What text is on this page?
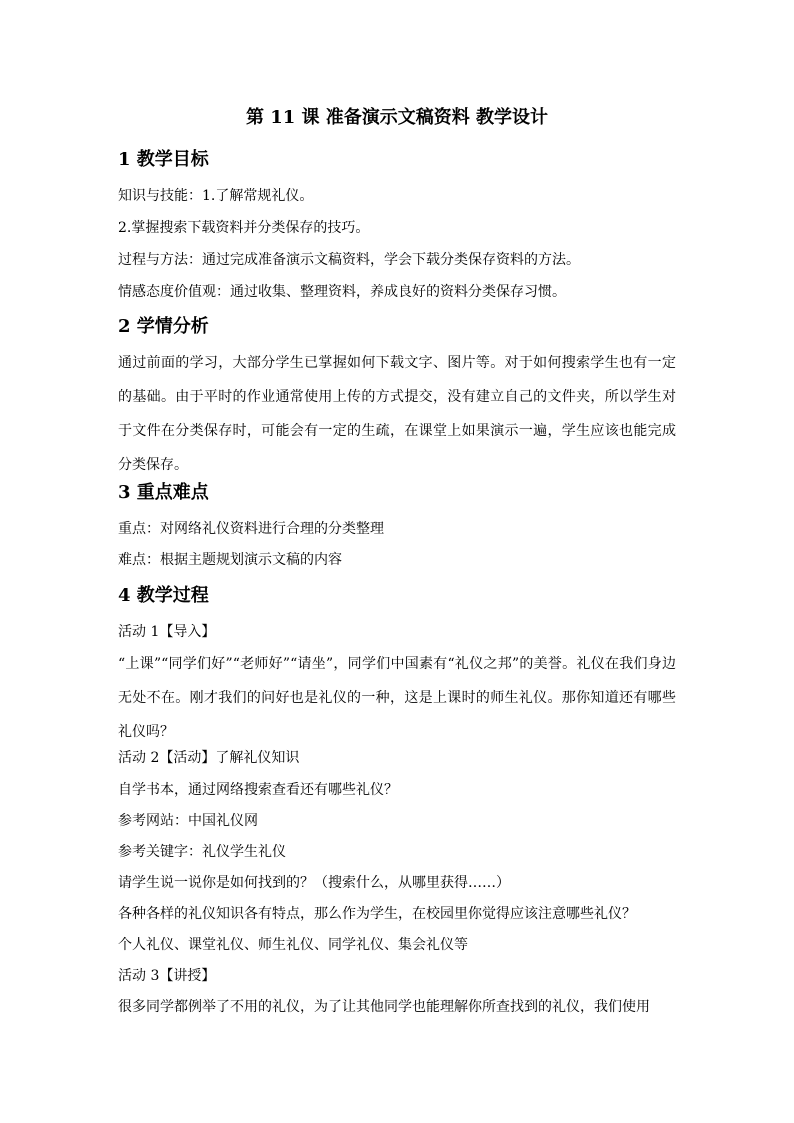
第 11 课 准备演示文稿资料 教学设计
1 教学目标
知识与技能：1.了解常规礼仪。
2.掌握搜索下载资料并分类保存的技巧。
过程与方法：通过完成准备演示文稿资料，学会下载分类保存资料的方法。
情感态度价值观：通过收集、整理资料，养成良好的资料分类保存习惯。
2 学情分析
通过前面的学习，大部分学生已掌握如何下载文字、图片等。对于如何搜索学生也有一定的基础。由于平时的作业通常使用上传的方式提交，没有建立自己的文件夹，所以学生对于文件在分类保存时，可能会有一定的生疏，在课堂上如果演示一遍，学生应该也能完成分类保存。
3 重点难点
重点：对网络礼仪资料进行合理的分类整理
难点：根据主题规划演示文稿的内容
4 教学过程
活动 1【导入】
“上课”“同学们好”“老师好”“请坐”，同学们中国素有“礼仪之邦”的美誉。礼仪在我们身边无处不在。刚才我们的问好也是礼仪的一种，这是上课时的师生礼仪。那你知道还有哪些礼仪吗？
活动 2【活动】了解礼仪知识
自学书本，通过网络搜索查看还有哪些礼仪？
参考网站：中国礼仪网
参考关键字：礼仪学生礼仪
请学生说一说你是如何找到的？（搜索什么，从哪里获得……）
各种各样的礼仪知识各有特点，那么作为学生，在校园里你觉得应该注意哪些礼仪？
个人礼仪、课堂礼仪、师生礼仪、同学礼仪、集会礼仪等
活动 3【讲授】
很多同学都例举了不用的礼仪，为了让其他同学也能理解你所查找到的礼仪，我们使用
